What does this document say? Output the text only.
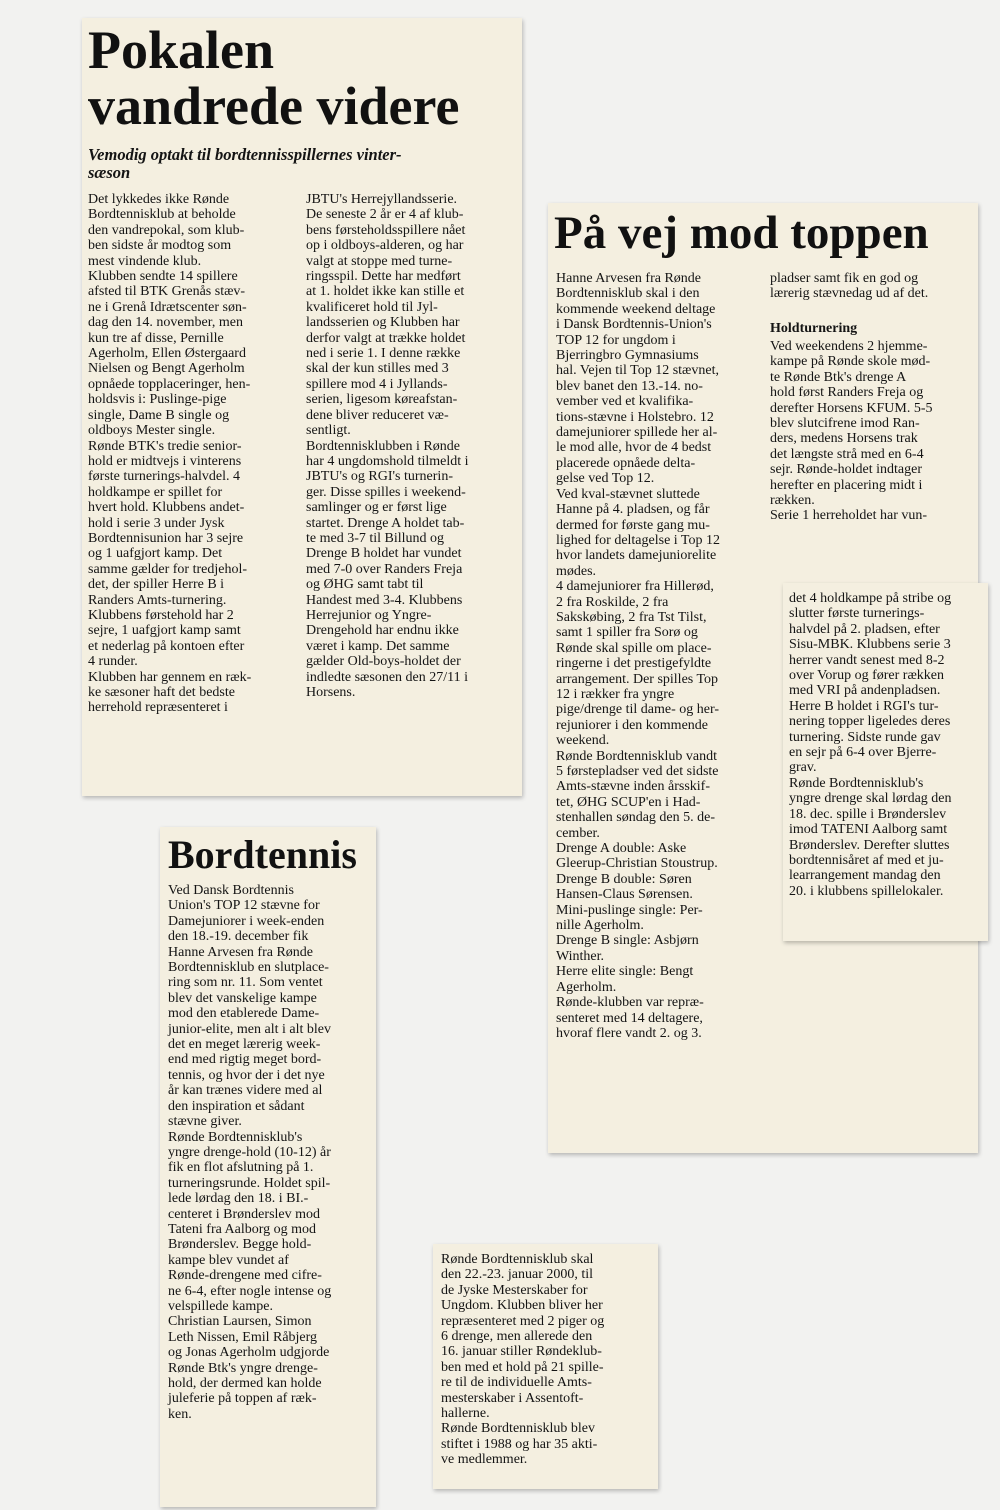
Pokalen
vandrede videre
Vemodig optakt til bordtennisspillernes vinter-
sæson
Det lykkedes ikke Rønde
Bordtennisklub at beholde
den vandrepokal, som klub-
ben sidste år modtog som
mest vindende klub.
Klubben sendte 14 spillere
afsted til BTK Grenås stæv-
ne i Grenå Idrætscenter søn-
dag den 14. november, men
kun tre af disse, Pernille
Agerholm, Ellen Østergaard
Nielsen og Bengt Agerholm
opnåede topplaceringer, hen-
holdsvis i: Puslinge-pige
single, Dame B single og
oldboys Mester single.
Rønde BTK's tredie senior-
hold er midtvejs i vinterens
første turnerings-halvdel. 4
holdkampe er spillet for
hvert hold. Klubbens andet-
hold i serie 3 under Jysk
Bordtennisunion har 3 sejre
og 1 uafgjort kamp. Det
samme gælder for tredjehol-
det, der spiller Herre B i
Randers Amts-turnering.
Klubbens førstehold har 2
sejre, 1 uafgjort kamp samt
et nederlag på kontoen efter
4 runder.
Klubben har gennem en ræk-
ke sæsoner haft det bedste
herrehold repræsenteret i
JBTU's Herrejyllandsserie.
De seneste 2 år er 4 af klub-
bens førsteholdsspillere nået
op i oldboys-alderen, og har
valgt at stoppe med turne-
ringsspil. Dette har medført
at 1. holdet ikke kan stille et
kvalificeret hold til Jyl-
landsserien og Klubben har
derfor valgt at trække holdet
ned i serie 1. I denne række
skal der kun stilles med 3
spillere mod 4 i Jyllands-
serien, ligesom køreafstan-
dene bliver reduceret væ-
sentligt.
Bordtennisklubben i Rønde
har 4 ungdomshold tilmeldt i
JBTU's og RGI's turnerin-
ger. Disse spilles i weekend-
samlinger og er først lige
startet. Drenge A holdet tab-
te med 3-7 til Billund og
Drenge B holdet har vundet
med 7-0 over Randers Freja
og ØHG samt tabt til
Handest med 3-4. Klubbens
Herrejunior og Yngre-
Drengehold har endnu ikke
været i kamp. Det samme
gælder Old-boys-holdet der
indledte sæsonen den 27/11 i
Horsens.
På vej mod toppen
Hanne Arvesen fra Rønde
Bordtennisklub skal i den
kommende weekend deltage
i Dansk Bordtennis-Union's
TOP 12 for ungdom i
Bjerringbro Gymnasiums
hal. Vejen til Top 12 stævnet,
blev banet den 13.-14. no-
vember ved et kvalifika-
tions-stævne i Holstebro. 12
damejuniorer spillede her al-
le mod alle, hvor de 4 bedst
placerede opnåede delta-
gelse ved Top 12.
Ved kval-stævnet sluttede
Hanne på 4. pladsen, og får
dermed for første gang mu-
lighed for deltagelse i Top 12
hvor landets damejuniorelite
mødes.
4 damejuniorer fra Hillerød,
2 fra Roskilde, 2 fra
Sakskøbing, 2 fra Tst Tilst,
samt 1 spiller fra Sorø og
Rønde skal spille om place-
ringerne i det prestigefyldte
arrangement. Der spilles Top
12 i rækker fra yngre
pige/drenge til dame- og her-
rejuniorer i den kommende
weekend.
Rønde Bordtennisklub vandt
5 førstepladser ved det sidste
Amts-stævne inden årsskif-
tet, ØHG SCUP'en i Had-
stenhallen søndag den 5. de-
cember.
Drenge A double: Aske
Gleerup-Christian Stoustrup.
Drenge B double: Søren
Hansen-Claus Sørensen.
Mini-puslinge single: Per-
nille Agerholm.
Drenge B single: Asbjørn
Winther.
Herre elite single: Bengt
Agerholm.
Rønde-klubben var repræ-
senteret med 14 deltagere,
hvoraf flere vandt 2. og 3.
pladser samt fik en god og
lærerig stævnedag ud af det.
Holdturnering
Ved weekendens 2 hjemme-
kampe på Rønde skole mød-
te Rønde Btk's drenge A
hold først Randers Freja og
derefter Horsens KFUM. 5-5
blev slutcifrene imod Ran-
ders, medens Horsens trak
det længste strå med en 6-4
sejr. Rønde-holdet indtager
herefter en placering midt i
rækken.
Serie 1 herreholdet har vun-
det 4 holdkampe på stribe og
slutter første turnerings-
halvdel på 2. pladsen, efter
Sisu-MBK. Klubbens serie 3
herrer vandt senest med 8-2
over Vorup og fører rækken
med VRI på andenpladsen.
Herre B holdet i RGI's tur-
nering topper ligeledes deres
turnering. Sidste runde gav
en sejr på 6-4 over Bjerre-
grav.
Rønde Bordtennisklub's
yngre drenge skal lørdag den
18. dec. spille i Brønderslev
imod TATENI Aalborg samt
Brønderslev. Derefter sluttes
bordtennisåret af med et ju-
learrangement mandag den
20. i klubbens spillelokaler.
Bordtennis
Ved Dansk Bordtennis
Union's TOP 12 stævne for
Damejuniorer i week-enden
den 18.-19. december fik
Hanne Arvesen fra Rønde
Bordtennisklub en slutplace-
ring som nr. 11. Som ventet
blev det vanskelige kampe
mod den etablerede Dame-
junior-elite, men alt i alt blev
det en meget lærerig week-
end med rigtig meget bord-
tennis, og hvor der i det nye
år kan trænes videre med al
den inspiration et sådant
stævne giver.
Rønde Bordtennisklub's
yngre drenge-hold (10-12) år
fik en flot afslutning på 1.
turneringsrunde. Holdet spil-
lede lørdag den 18. i BI.-
centeret i Brønderslev mod
Tateni fra Aalborg og mod
Brønderslev. Begge hold-
kampe blev vundet af
Rønde-drengene med cifre-
ne 6-4, efter nogle intense og
velspillede kampe.
Christian Laursen, Simon
Leth Nissen, Emil Råbjerg
og Jonas Agerholm udgjorde
Rønde Btk's yngre drenge-
hold, der dermed kan holde
juleferie på toppen af ræk-
ken.
Rønde Bordtennisklub skal
den 22.-23. januar 2000, til
de Jyske Mesterskaber for
Ungdom. Klubben bliver her
repræsenteret med 2 piger og
6 drenge, men allerede den
16. januar stiller Røndeklub-
ben med et hold på 21 spille-
re til de individuelle Amts-
mesterskaber i Assentoft-
hallerne.
Rønde Bordtennisklub blev
stiftet i 1988 og har 35 akti-
ve medlemmer.
